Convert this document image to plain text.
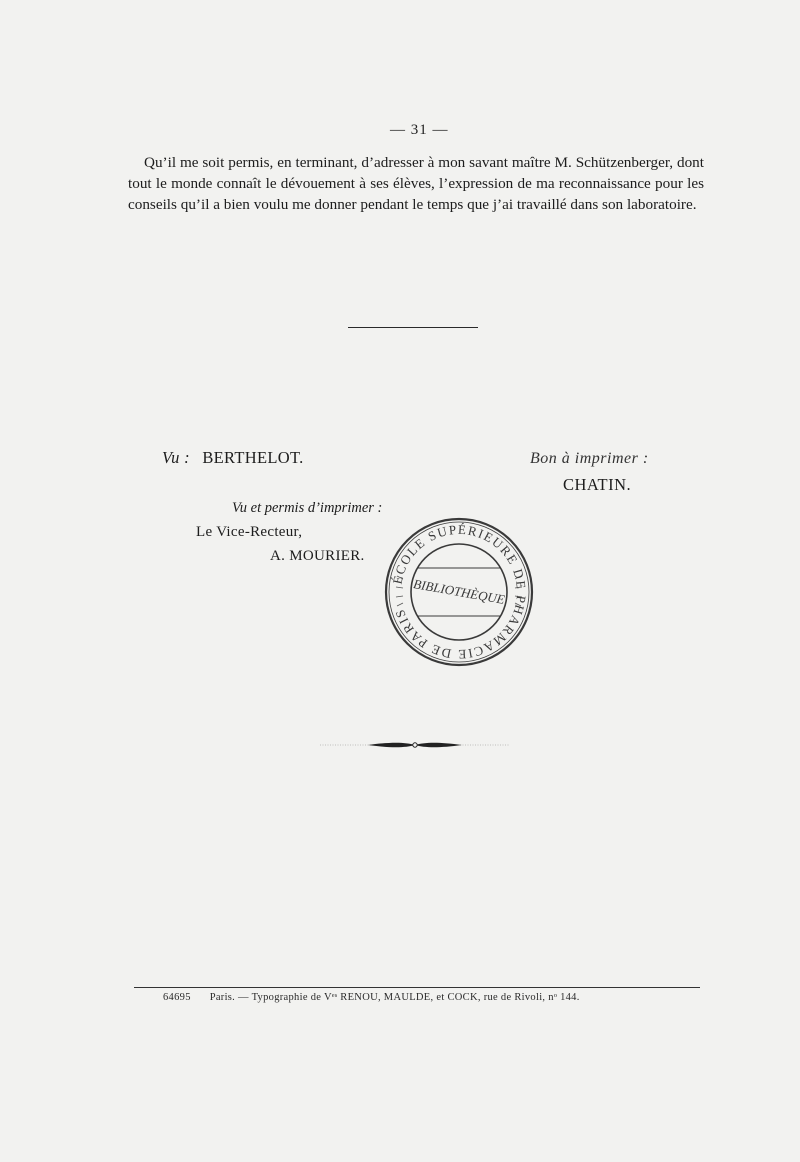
— 31 —

Qu’il me soit permis, en terminant, d’adresser à mon savant maître M. Schützenberger, dont tout le monde connaît le dévouement à ses élèves, l’expression de ma reconnaissance pour les conseils qu’il a bien voulu me donner pendant le temps que j’ai travaillé dans son laboratoire.

Vu : BERTHELOT.	Bon à imprimer :
CHATIN.
Vu et permis d’imprimer :
Le Vice-Recteur,
A. MOURIER.
ÉCOLE SUPÉRIEURE DE PHARMACIE DE PARIS
BIBLIOTHÈQUE
64695 Paris. — Typographie de Vᵉˢ RENOU, MAULDE, et COCK, rue de Rivoli, nᵒ 144.
